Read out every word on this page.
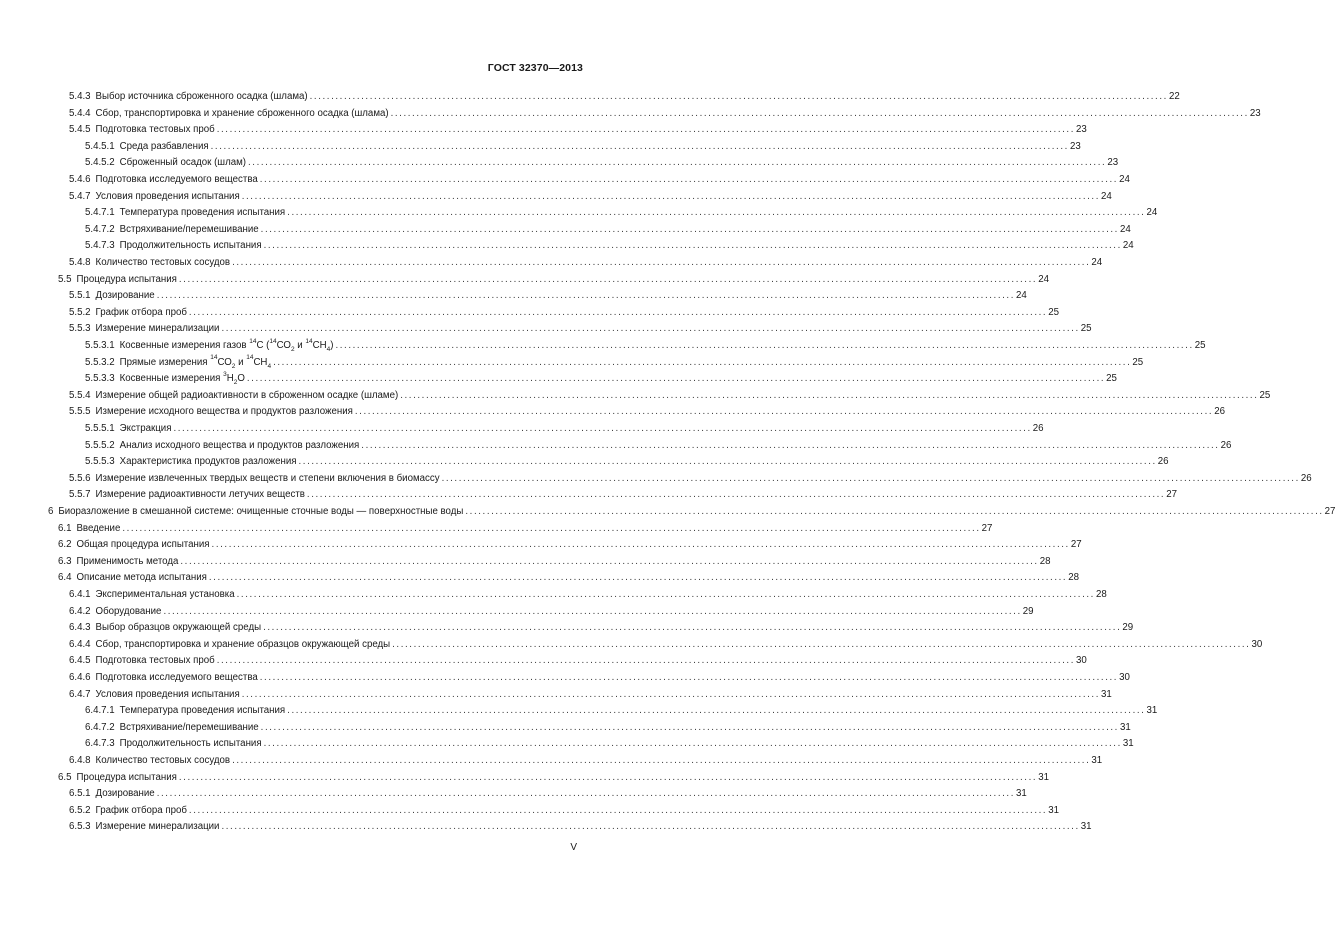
ГОСТ 32370—2013
5.4.3 Выбор источника сброженного осадка (шлама) ........................................................................................................................................................................................................ 22
5.4.4 Сбор, транспортировка и хранение сброженного осадка (шлама) ........................................................................................................................................................................................................ 23
5.4.5 Подготовка тестовых проб ........................................................................................................................................................................................................ 23
5.4.5.1 Среда разбавления ........................................................................................................................................................................................................ 23
5.4.5.2 Сброженный осадок (шлам) ........................................................................................................................................................................................................ 23
5.4.6 Подготовка исследуемого вещества ........................................................................................................................................................................................................ 24
5.4.7 Условия проведения испытания ........................................................................................................................................................................................................ 24
5.4.7.1 Температура проведения испытания ........................................................................................................................................................................................................ 24
5.4.7.2 Встряхивание/перемешивание ........................................................................................................................................................................................................ 24
5.4.7.3 Продолжительность испытания ........................................................................................................................................................................................................ 24
5.4.8 Количество тестовых сосудов ........................................................................................................................................................................................................ 24
5.5 Процедура испытания ........................................................................................................................................................................................................ 24
5.5.1 Дозирование ........................................................................................................................................................................................................ 24
5.5.2 График отбора проб ........................................................................................................................................................................................................ 25
5.5.3 Измерение минерализации ........................................................................................................................................................................................................ 25
5.5.3.1 Косвенные измерения газов $^{14}$С ($^{14}СО_2$ и $^{14}СН_4$) ........................................................................................................................................................................................................ 25
5.5.3.2 Прямые измерения $^{14}СО_2$ и $^{14}СН_4$ ........................................................................................................................................................................................................ 25
5.5.3.3 Косвенные измерения $^3Н_2О$ ........................................................................................................................................................................................................ 25
5.5.4 Измерение общей радиоактивности в сброженном осадке (шламе) ........................................................................................................................................................................................................ 25
5.5.5 Измерение исходного вещества и продуктов разложения ........................................................................................................................................................................................................ 26
5.5.5.1 Экстракция ........................................................................................................................................................................................................ 26
5.5.5.2 Анализ исходного вещества и продуктов разложения ........................................................................................................................................................................................................ 26
5.5.5.3 Характеристика продуктов разложения ........................................................................................................................................................................................................ 26
5.5.6 Измерение извлеченных твердых веществ и степени включения в биомассу ........................................................................................................................................................................................................ 26
5.5.7 Измерение радиоактивности летучих веществ ........................................................................................................................................................................................................ 27
6 Биоразложение в смешанной системе: очищенные сточные воды — поверхностные воды ........................................................................................................................................................................................................ 27
6.1 Введение ........................................................................................................................................................................................................ 27
6.2 Общая процедура испытания ........................................................................................................................................................................................................ 27
6.3 Применимость метода ........................................................................................................................................................................................................ 28
6.4 Описание метода испытания ........................................................................................................................................................................................................ 28
6.4.1 Экспериментальная установка ........................................................................................................................................................................................................ 28
6.4.2 Оборудование ........................................................................................................................................................................................................ 29
6.4.3 Выбор образцов окружающей среды ........................................................................................................................................................................................................ 29
6.4.4 Сбор, транспортировка и хранение образцов окружающей среды ........................................................................................................................................................................................................ 30
6.4.5 Подготовка тестовых проб ........................................................................................................................................................................................................ 30
6.4.6 Подготовка исследуемого вещества ........................................................................................................................................................................................................ 30
6.4.7 Условия проведения испытания ........................................................................................................................................................................................................ 31
6.4.7.1 Температура проведения испытания ........................................................................................................................................................................................................ 31
6.4.7.2 Встряхивание/перемешивание ........................................................................................................................................................................................................ 31
6.4.7.3 Продолжительность испытания ........................................................................................................................................................................................................ 31
6.4.8 Количество тестовых сосудов ........................................................................................................................................................................................................ 31
6.5 Процедура испытания ........................................................................................................................................................................................................ 31
6.5.1 Дозирование ........................................................................................................................................................................................................ 31
6.5.2 График отбора проб ........................................................................................................................................................................................................ 31
6.5.3 Измерение минерализации ........................................................................................................................................................................................................ 31
V
